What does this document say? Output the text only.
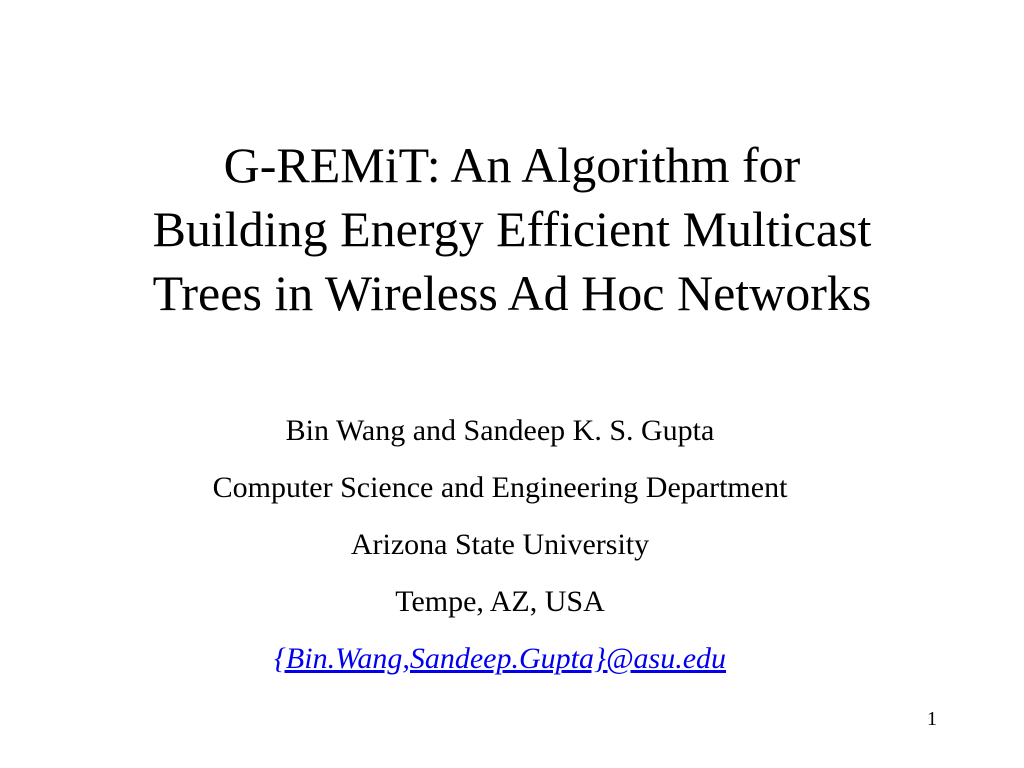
G-REMiT: An Algorithm for
Building Energy Efficient Multicast
Trees in Wireless Ad Hoc Networks
Bin Wang and Sandeep K. S. Gupta
Computer Science and Engineering Department
Arizona State University
Tempe, AZ, USA
{Bin.Wang,Sandeep.Gupta}@asu.edu
1
